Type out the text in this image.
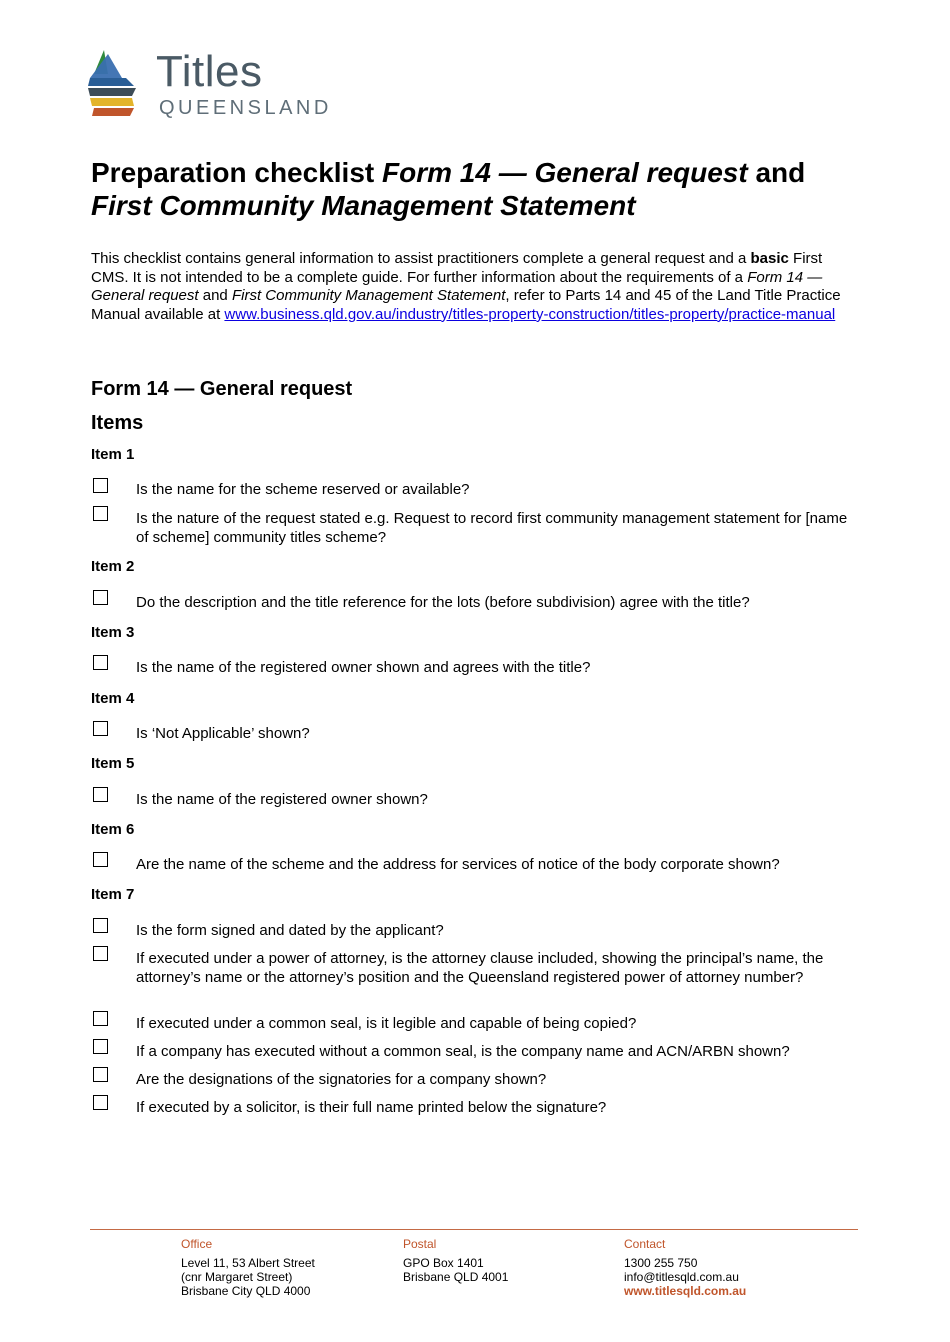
Titles
QUEENSLAND
Preparation checklist Form 14 — General request and
First Community Management Statement
This checklist contains general information to assist practitioners complete a general request and a basic First CMS. It is not intended to be a complete guide. For further information about the requirements of a Form 14 — General request and First Community Management Statement, refer to Parts 14 and 45 of the Land Title Practice Manual available at www.business.qld.gov.au/industry/titles-property-construction/titles-property/practice-manual
Form 14 — General request
Items
Item 1
Is the name for the scheme reserved or available?
Is the nature of the request stated e.g. Request to record first community management statement for [name of scheme] community titles scheme?
Item 2
Do the description and the title reference for the lots (before subdivision) agree with the title?
Item 3
Is the name of the registered owner shown and agrees with the title?
Item 4
Is ‘Not Applicable’ shown?
Item 5
Is the name of the registered owner shown?
Item 6
Are the name of the scheme and the address for services of notice of the body corporate shown?
Item 7
Is the form signed and dated by the applicant?
If executed under a power of attorney, is the attorney clause included, showing the principal’s name, the attorney’s name or the attorney’s position and the Queensland registered power of attorney number?
If executed under a common seal, is it legible and capable of being copied?
If a company has executed without a common seal, is the company name and ACN/ARBN shown?
Are the designations of the signatories for a company shown?
If executed by a solicitor, is their full name printed below the signature?
Office
Level 11, 53 Albert Street
(cnr Margaret Street)
Brisbane City QLD 4000
Postal
GPO Box 1401
Brisbane QLD 4001
Contact
1300 255 750
info@titlesqld.com.au
www.titlesqld.com.au
